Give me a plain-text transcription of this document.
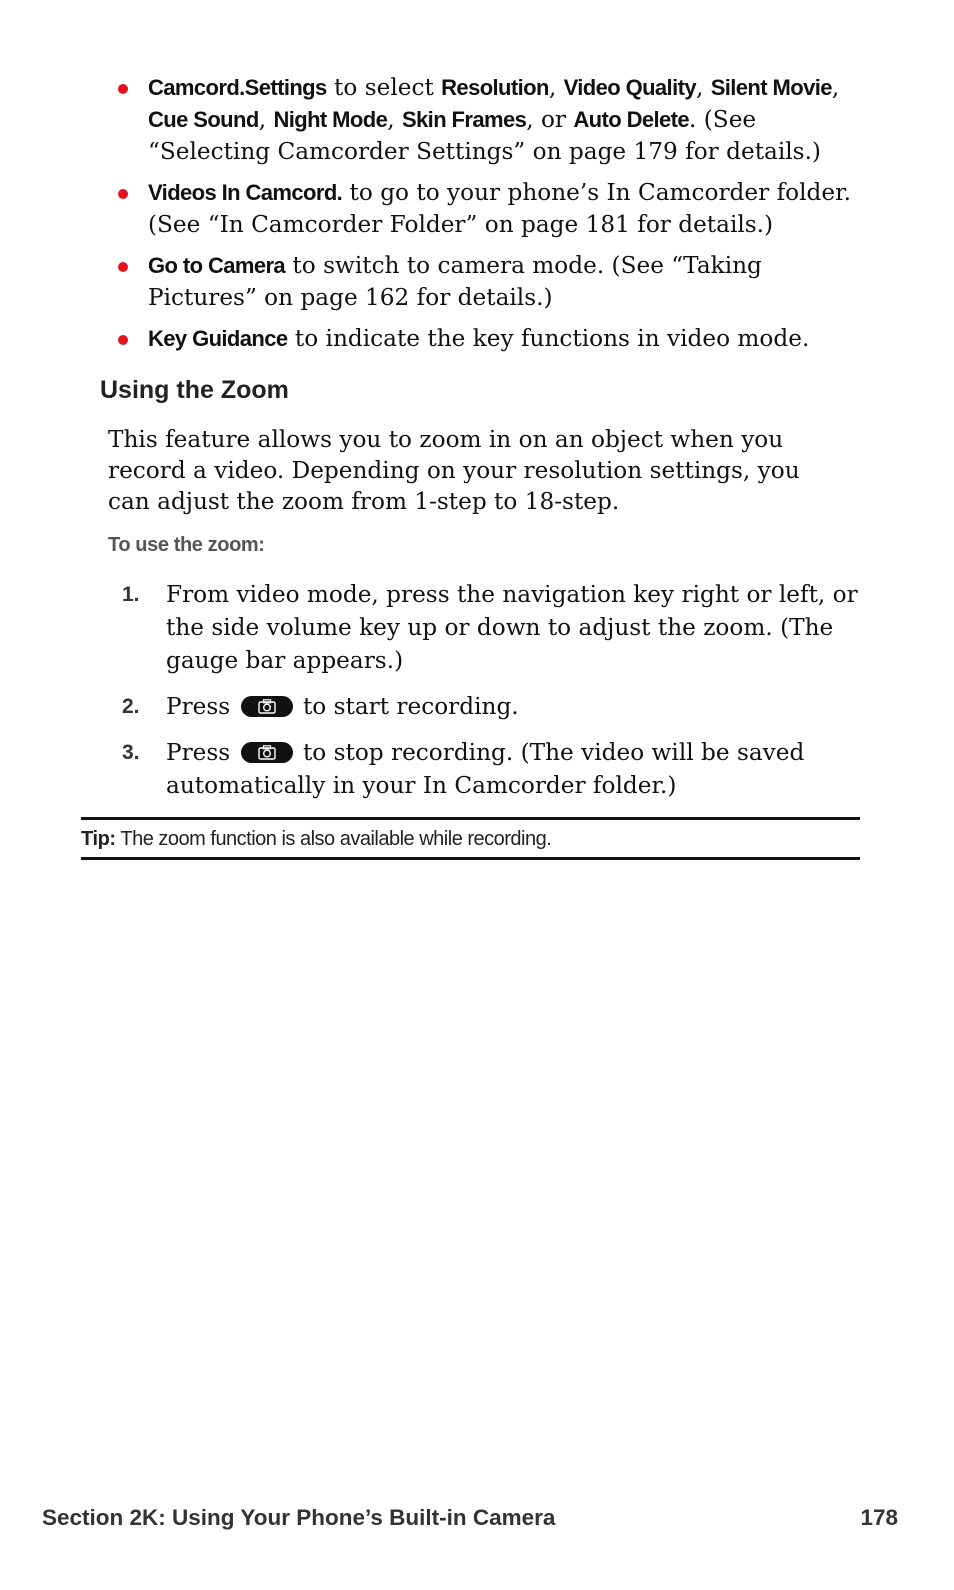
Camcord.Settings to select Resolution, Video Quality, Silent Movie, Cue Sound, Night Mode, Skin Frames, or Auto Delete. (See “Selecting Camcorder Settings” on page 179 for details.)
Videos In Camcord. to go to your phone’s In Camcorder folder. (See “In Camcorder Folder” on page 181 for details.)
Go to Camera to switch to camera mode. (See “Taking Pictures” on page 162 for details.)
Key Guidance to indicate the key functions in video mode.
Using the Zoom
This feature allows you to zoom in on an object when you record a video. Depending on your resolution settings, you can adjust the zoom from 1-step to 18-step.
To use the zoom:
1. From video mode, press the navigation key right or left, or the side volume key up or down to adjust the zoom. (The gauge bar appears.)
2. Press	to start recording.
3. Press	to stop recording. (The video will be saved automatically in your In Camcorder folder.)
Tip: The zoom function is also available while recording.
Section 2K: Using Your Phone’s Built-in Camera	178
